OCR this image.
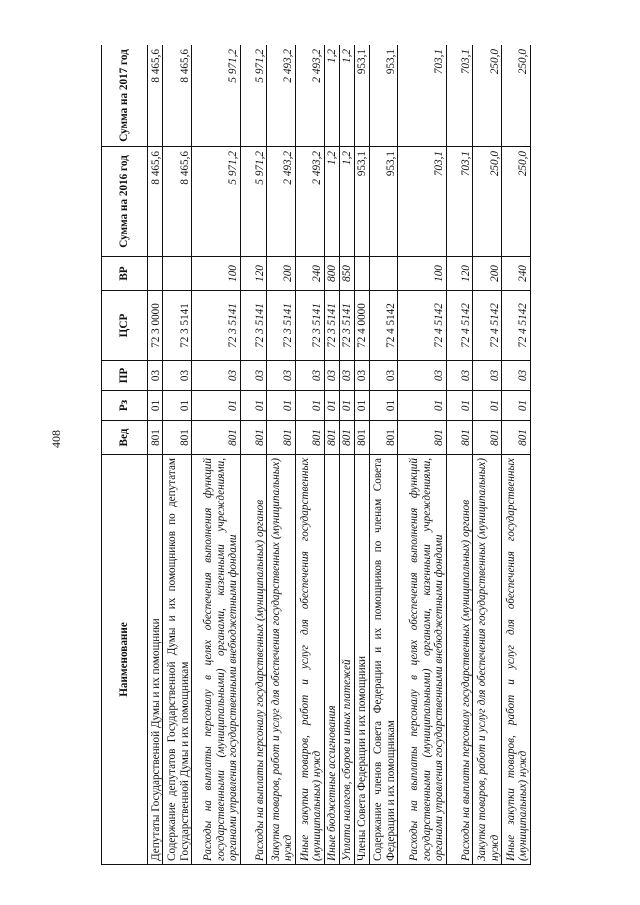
408
Наименование	Вед	Рз	ПР	ЦСР	ВР	Сумма на 2016 год	Сумма на 2017 год
Депутаты Государственной Думы и их помощники	801	01	03	72 3 0000		8 465,6	8 465,6
Содержание депутатов Государственной Думы и их помощников по депутатам Государственной Думы и их помощникам	801	01	03	72 3 5141		8 465,6	8 465,6
Расходы на выплаты персоналу в целях обеспечения выполнения функций государственными (муниципальными) органами, казенными учреждениями, органами управления государственными внебюджетными фондами	801	01	03	72 3 5141	100	5 971,2	5 971,2
Расходы на выплаты персоналу государственных (муниципальных) органов	801	01	03	72 3 5141	120	5 971,2	5 971,2
Закупка товаров, работ и услуг для обеспечения государственных (муниципальных) нужд	801	01	03	72 3 5141	200	2 493,2	2 493,2
Иные закупки товаров, работ и услуг для обеспечения государственных (муниципальных) нужд	801	01	03	72 3 5141	240	2 493,2	2 493,2
Иные бюджетные ассигнования	801	01	03	72 3 5141	800	1,2	1,2
Уплата налогов, сборов и иных платежей	801	01	03	72 3 5141	850	1,2	1,2
Члены Совета Федерации и их помощники	801	01	03	72 4 0000		953,1	953,1
Содержание членов Совета Федерации и их помощников по членам Совета Федерации и их помощникам	801	01	03	72 4 5142		953,1	953,1
Расходы на выплаты персоналу в целях обеспечения выполнения функций государственными (муниципальными) органами, казенными учреждениями, органами управления государственными внебюджетными фондами	801	01	03	72 4 5142	100	703,1	703,1
Расходы на выплаты персоналу государственных (муниципальных) органов	801	01	03	72 4 5142	120	703,1	703,1
Закупка товаров, работ и услуг для обеспечения государственных (муниципальных) нужд	801	01	03	72 4 5142	200	250,0	250,0
Иные закупки товаров, работ и услуг для обеспечения государственных (муниципальных) нужд	801	01	03	72 4 5142	240	250,0	250,0
